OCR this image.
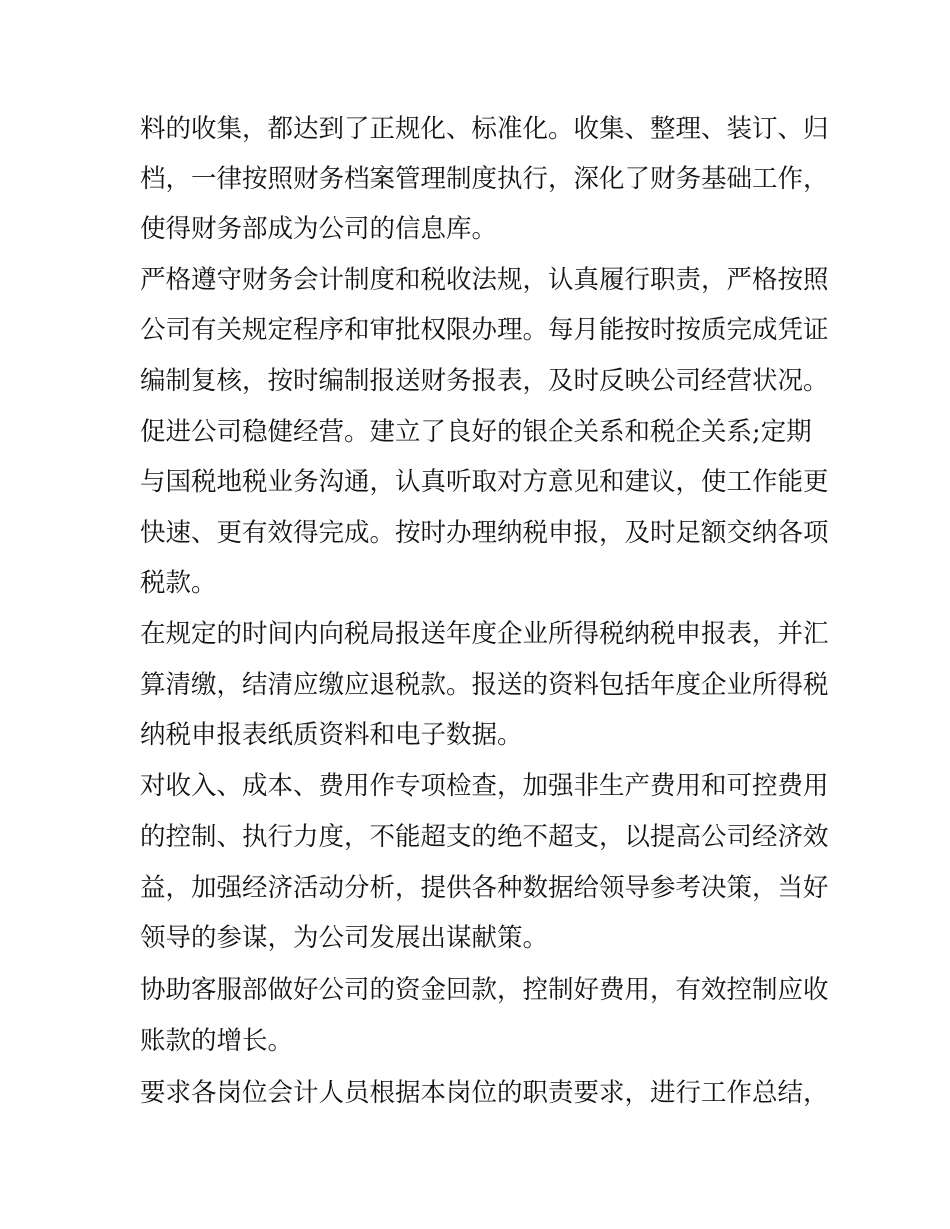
料的收集，都达到了正规化、标准化。收集、整理、装订、归

档，一律按照财务档案管理制度执行，深化了财务基础工作，

使得财务部成为公司的信息库。

严格遵守财务会计制度和税收法规，认真履行职责，严格按照

公司有关规定程序和审批权限办理。每月能按时按质完成凭证

编制复核，按时编制报送财务报表，及时反映公司经营状况。

促进公司稳健经营。建立了良好的银企关系和税企关系;定期

与国税地税业务沟通，认真听取对方意见和建议，使工作能更

快速、更有效得完成。按时办理纳税申报，及时足额交纳各项

税款。

在规定的时间内向税局报送年度企业所得税纳税申报表，并汇

算清缴，结清应缴应退税款。报送的资料包括年度企业所得税

纳税申报表纸质资料和电子数据。

对收入、成本、费用作专项检查，加强非生产费用和可控费用

的控制、执行力度，不能超支的绝不超支，以提高公司经济效

益，加强经济活动分析，提供各种数据给领导参考决策，当好

领导的参谋，为公司发展出谋献策。

协助客服部做好公司的资金回款，控制好费用，有效控制应收

账款的增长。

要求各岗位会计人员根据本岗位的职责要求，进行工作总结，
